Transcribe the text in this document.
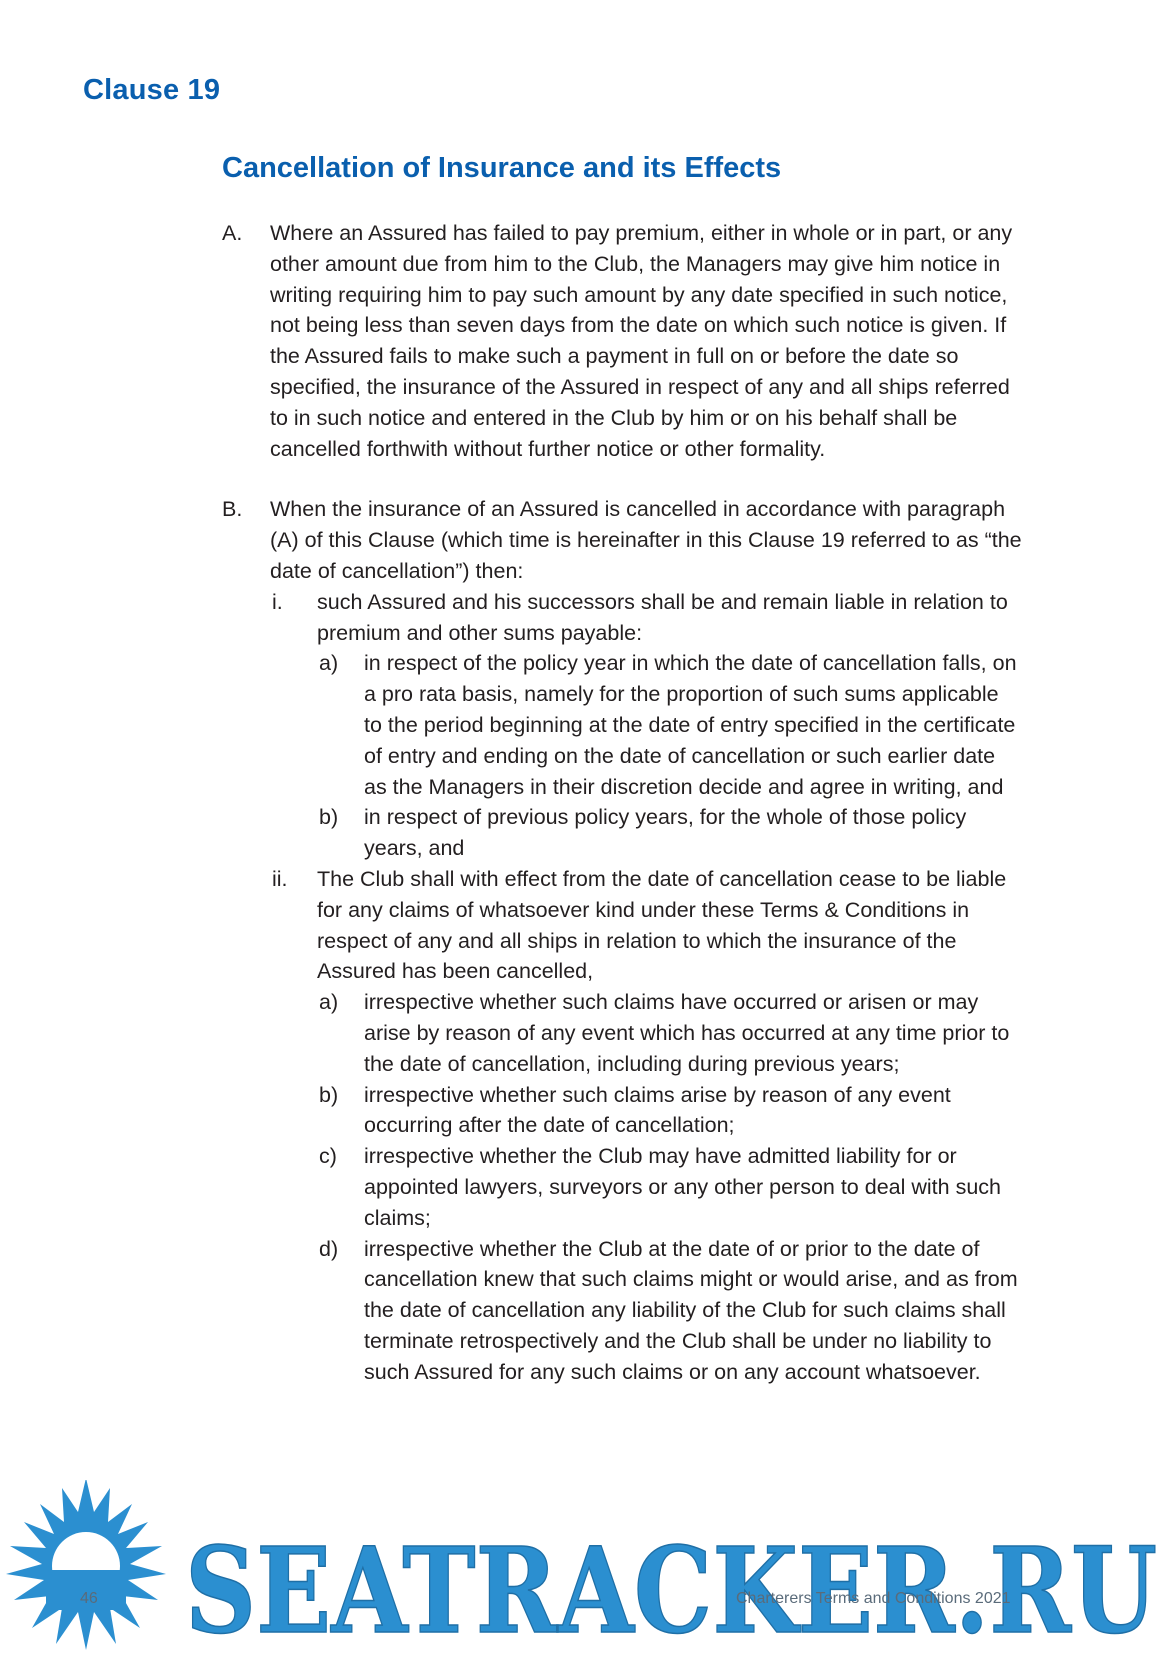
Clause 19
Cancellation of Insurance and its Effects
A. Where an Assured has failed to pay premium, either in whole or in part, or any other amount due from him to the Club, the Managers may give him notice in writing requiring him to pay such amount by any date specified in such notice, not being less than seven days from the date on which such notice is given. If the Assured fails to make such a payment in full on or before the date so specified, the insurance of the Assured in respect of any and all ships referred to in such notice and entered in the Club by him or on his behalf shall be cancelled forthwith without further notice or other formality.
B. When the insurance of an Assured is cancelled in accordance with paragraph (A) of this Clause (which time is hereinafter in this Clause 19 referred to as “the date of cancellation”) then:
i. such Assured and his successors shall be and remain liable in relation to premium and other sums payable:
a) in respect of the policy year in which the date of cancellation falls, on a pro rata basis, namely for the proportion of such sums applicable to the period beginning at the date of entry specified in the certificate of entry and ending on the date of cancellation or such earlier date as the Managers in their discretion decide and agree in writing, and
b) in respect of previous policy years, for the whole of those policy years, and
ii. The Club shall with effect from the date of cancellation cease to be liable for any claims of whatsoever kind under these Terms & Conditions in respect of any and all ships in relation to which the insurance of the Assured has been cancelled,
a) irrespective whether such claims have occurred or arisen or may arise by reason of any event which has occurred at any time prior to the date of cancellation, including during previous years;
b) irrespective whether such claims arise by reason of any event occurring after the date of cancellation;
c) irrespective whether the Club may have admitted liability for or appointed lawyers, surveyors or any other person to deal with such claims;
d) irrespective whether the Club at the date of or prior to the date of cancellation knew that such claims might or would arise, and as from the date of cancellation any liability of the Club for such claims shall terminate retrospectively and the Club shall be under no liability to such Assured for any such claims or on any account whatsoever.
SEATRACKER.RU
46	Charterers Terms and Conditions 2021
